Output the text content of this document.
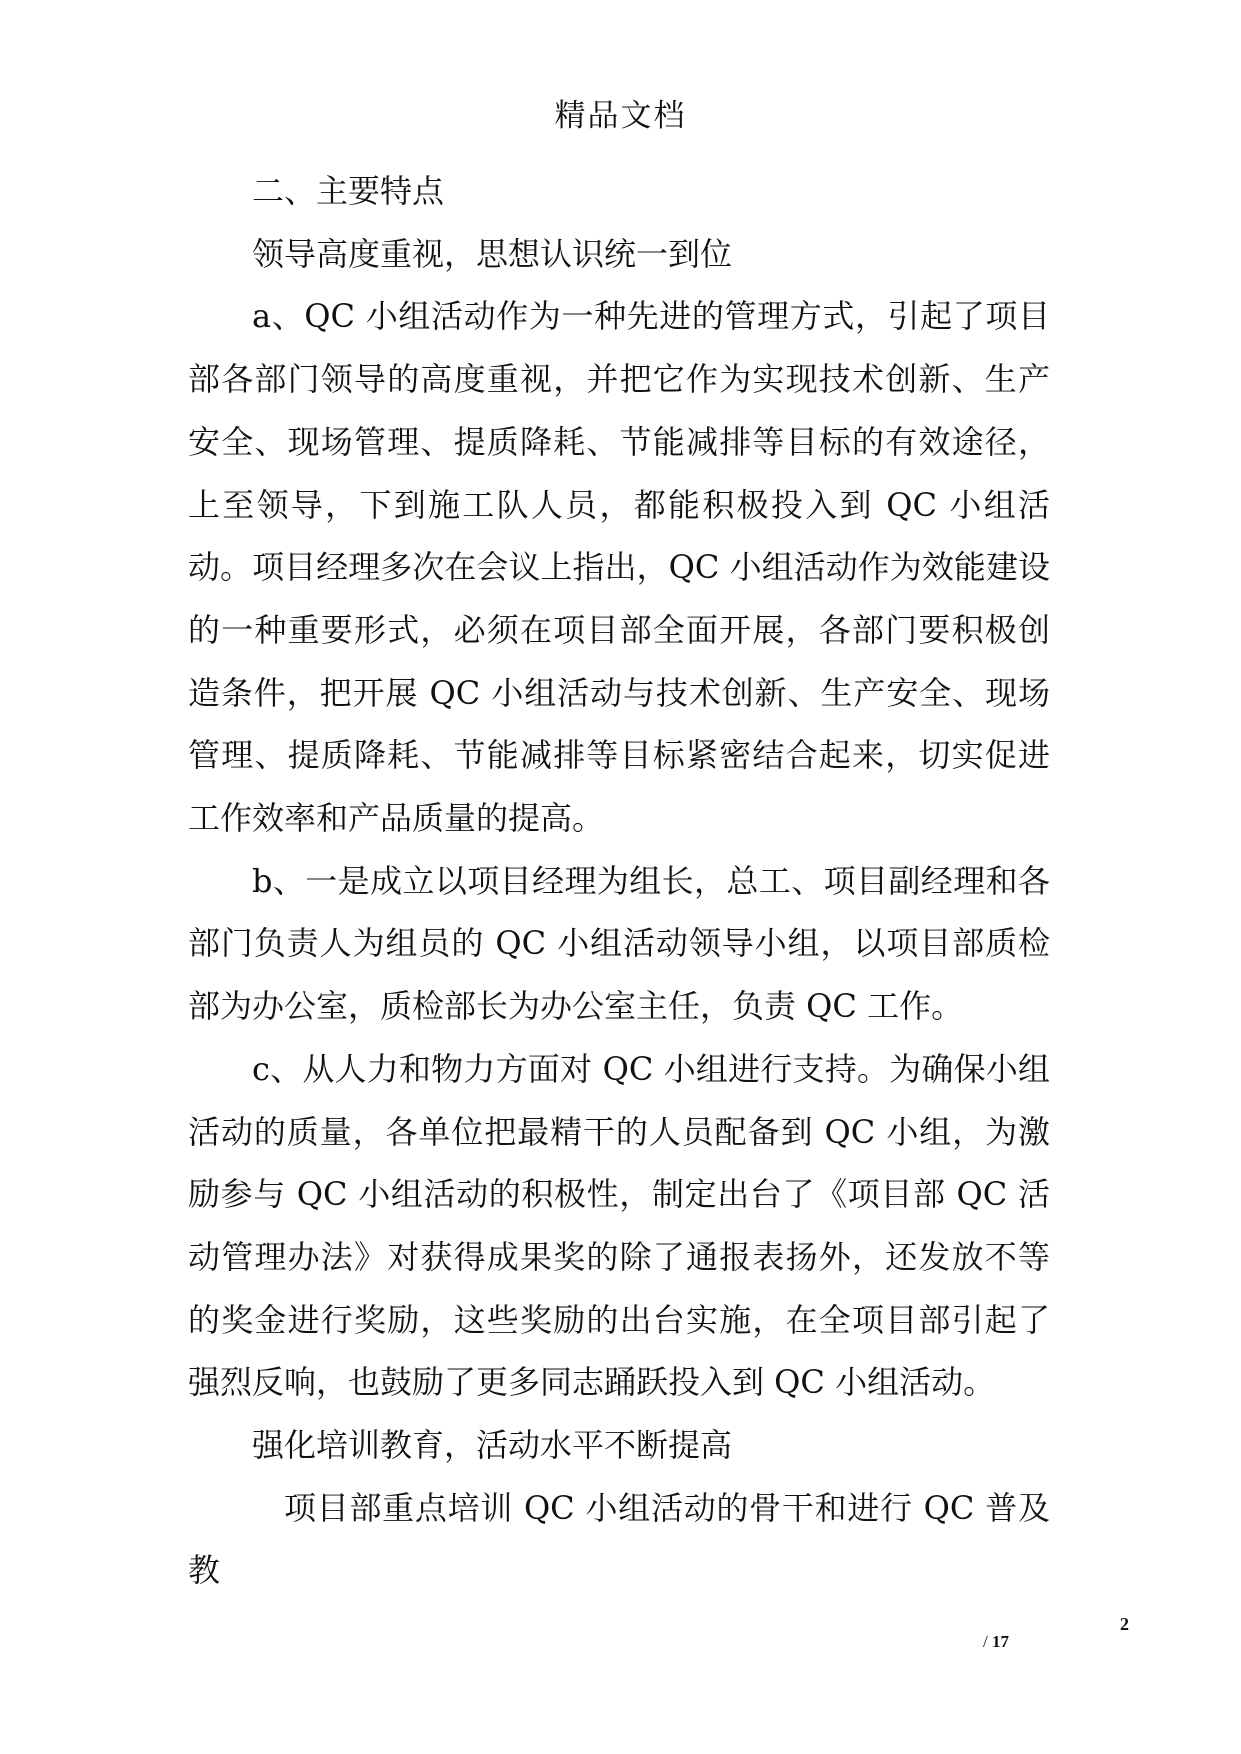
精品文档

二、主要特点

领导高度重视，思想认识统一到位

a、QC 小组活动作为一种先进的管理方式，引起了项目部各部门领导的高度重视，并把它作为实现技术创新、生产安全、现场管理、提质降耗、节能减排等目标的有效途径，上至领导，下到施工队人员，都能积极投入到 QC 小组活动。项目经理多次在会议上指出，QC 小组活动作为效能建设的一种重要形式，必须在项目部全面开展，各部门要积极创造条件，把开展 QC 小组活动与技术创新、生产安全、现场管理、提质降耗、节能减排等目标紧密结合起来，切实促进工作效率和产品质量的提高。

b、一是成立以项目经理为组长，总工、项目副经理和各部门负责人为组员的 QC 小组活动领导小组，以项目部质检部为办公室，质检部长为办公室主任，负责 QC 工作。

c、从人力和物力方面对 QC 小组进行支持。为确保小组活动的质量，各单位把最精干的人员配备到 QC 小组，为激励参与 QC 小组活动的积极性，制定出台了《项目部 QC 活动管理办法》对获得成果奖的除了通报表扬外，还发放不等的奖金进行奖励，这些奖励的出台实施，在全项目部引起了强烈反响，也鼓励了更多同志踊跃投入到 QC 小组活动。

强化培训教育，活动水平不断提高

项目部重点培训 QC 小组活动的骨干和进行 QC 普及教

2
/ 17
